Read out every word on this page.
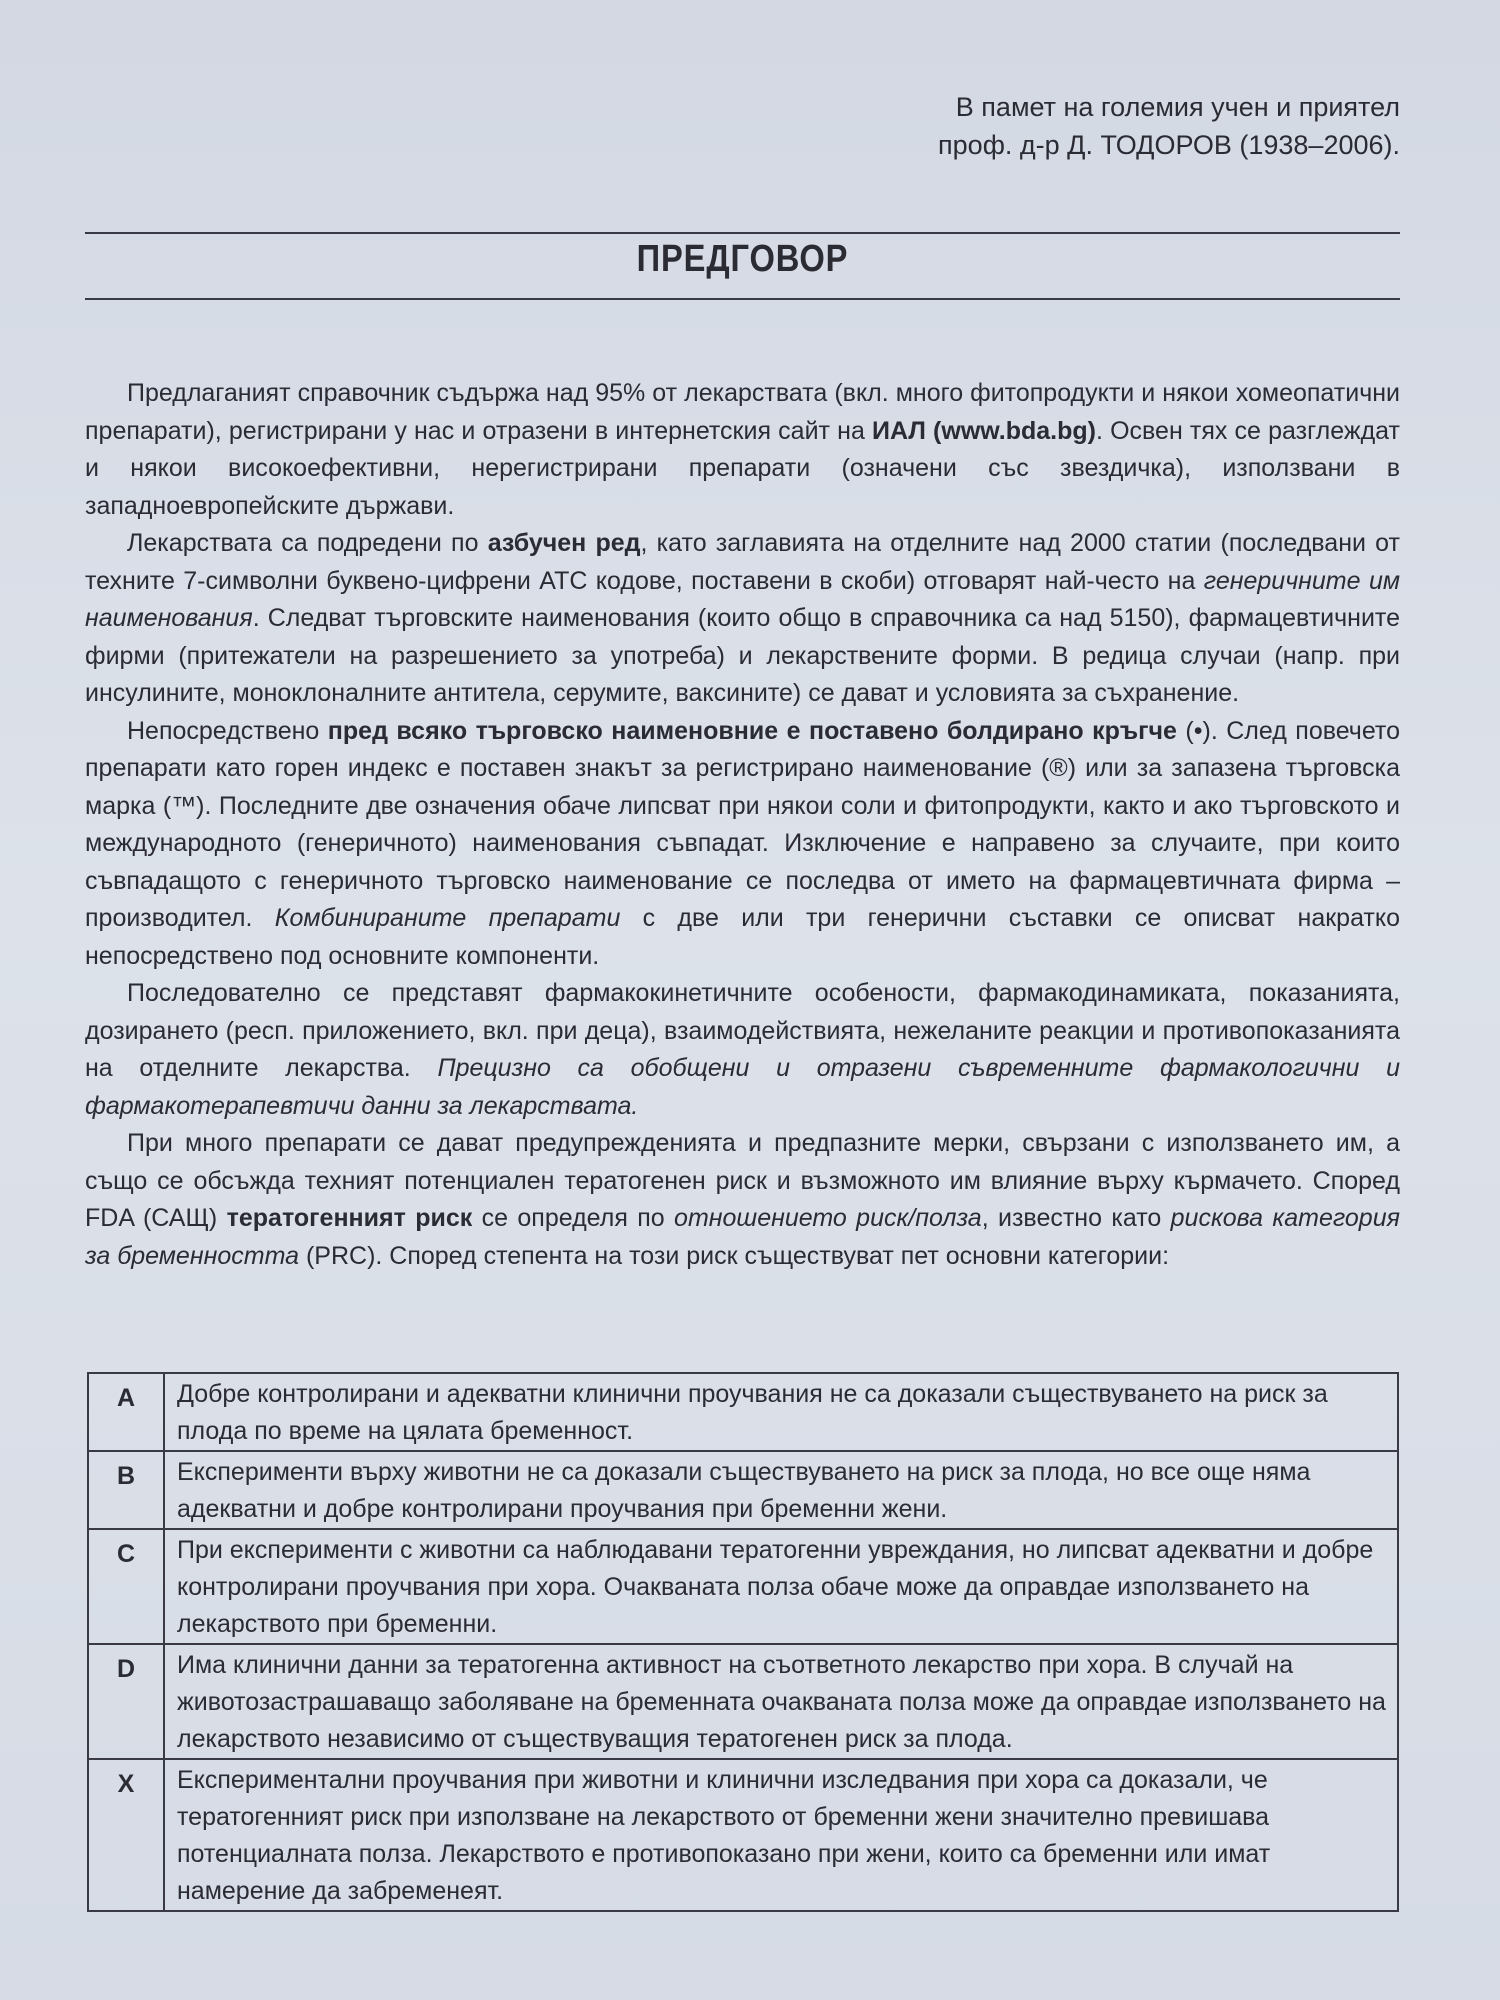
В памет на големия учен и приятел
проф. д-р Д. ТОДОРОВ (1938–2006).
ПРЕДГОВОР

Предлаганият справочник съдържа над 95% от лекарствата (вкл. много фитопродукти и някои хомеопатични препарати), регистрирани у нас и отразени в интернетския сайт на ИАЛ (www.bda.bg). Освен тях се разглеждат и някои високоефективни, нерегистрирани препарати (означени със звездичка), използвани в западноевропейските държави.

Лекарствата са подредени по азбучен ред, като заглавията на отделните над 2000 статии (последвани от техните 7-символни буквено-цифрени ATC кодове, поставени в скоби) отговарят най-често на генеричните им наименования. Следват търговските наименования (които общо в справочника са над 5150), фармацевтичните фирми (притежатели на разрешението за употреба) и лекарствените форми. В редица случаи (напр. при инсулините, моноклоналните антитела, серумите, ваксините) се дават и условията за съхранение.

Непосредствено пред всяко търговско наименовние е поставено болдирано кръгче (•). След повечето препарати като горен индекс е поставен знакът за регистрирано наименование (®) или за запазена търговска марка (™). Последните две означения обаче липсват при някои соли и фитопродукти, както и ако търговското и международното (генеричното) наименования съвпадат. Изключение е направено за случаите, при които съвпадащото с генеричното търговско наименование се последва от името на фармацевтичната фирма – производител. Комбинираните препарати с две или три генерични съставки се описват накратко непосредствено под основните компоненти.

Последователно се представят фармакокинетичните особености, фармакодинамиката, показанията, дозирането (респ. приложението, вкл. при деца), взаимодействията, нежеланите реакции и противопоказанията на отделните лекарства. Прецизно са обобщени и отразени съвременните фармакологични и фармакотерапевтичи данни за лекарствата.

При много препарати се дават предупрежденията и предпазните мерки, свързани с използването им, а също се обсъжда техният потенциален тератогенен риск и възможното им влияние върху кърмачето. Според FDA (САЩ) тератогенният риск се определя по отношението риск/полза, известно като рискова категория за бременността (PRC). Според степента на този риск съществуват пет основни категории:

A	Добре контролирани и адекватни клинични проучвания не са доказали съществуването на риск за плода по време на цялата бременност.
B	Експерименти върху животни не са доказали съществуването на риск за плода, но все още няма адекватни и добре контролирани проучвания при бременни жени.
C	При експерименти с животни са наблюдавани тератогенни увреждания, но липсват адекватни и добре контролирани проучвания при хора. Очакваната полза обаче може да оправдае използването на лекарството при бременни.
D	Има клинични данни за тератогенна активност на съответното лекарство при хора. В случай на животозастрашаващо заболяване на бременната очакваната полза може да оправдае използването на лекарството независимо от съществуващия тератогенен риск за плода.
X	Експериментални проучвания при животни и клинични изследвания при хора са доказали, че тератогенният риск при използване на лекарството от бременни жени значително превишава потенциалната полза. Лекарството е противопоказано при жени, които са бременни или имат намерение да забременеят.
